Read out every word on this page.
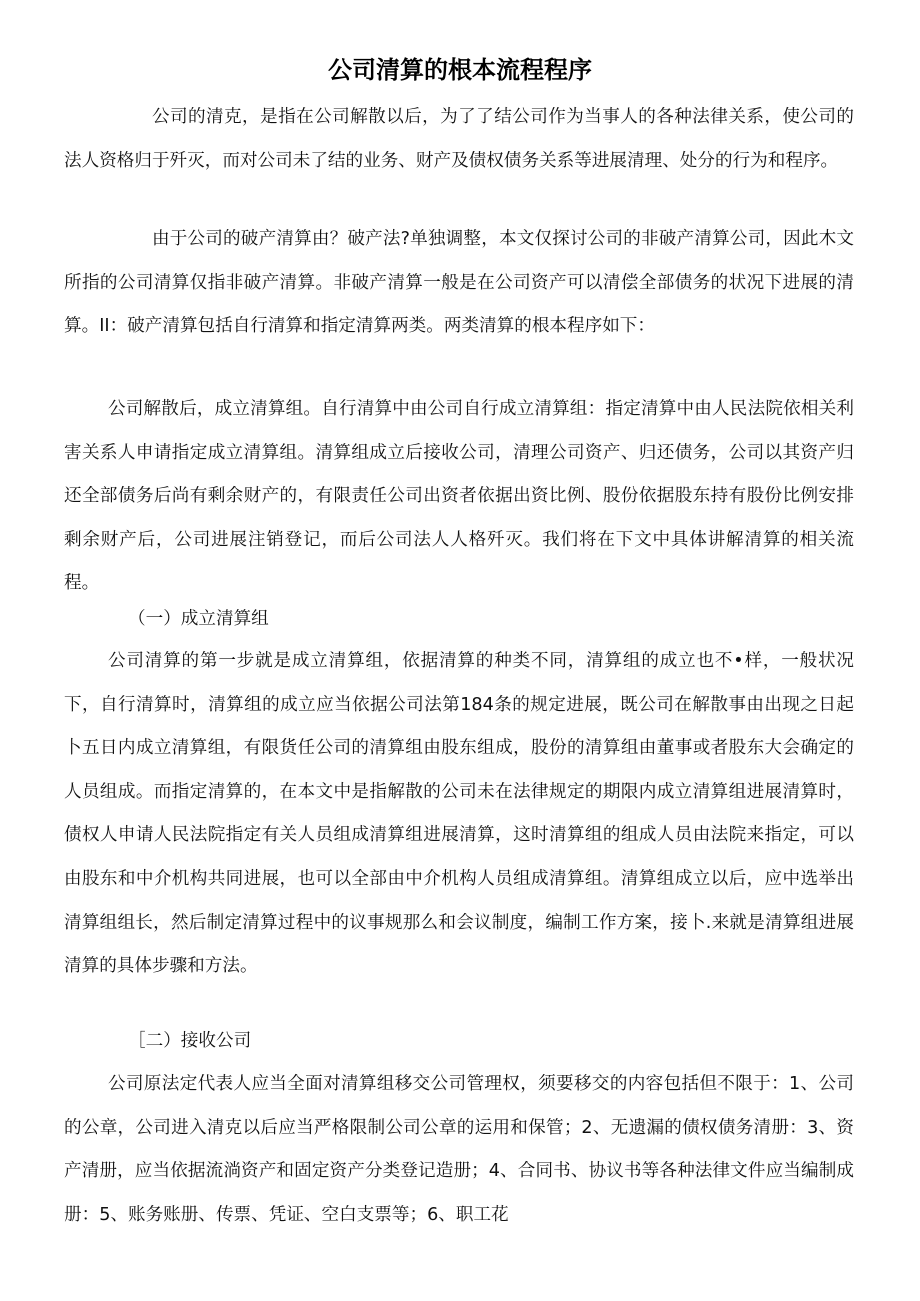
公司清算的根本流程程序

公司的清克，是指在公司解散以后，为了了结公司作为当事人的各种法律关系，使公司的法人资格归于歼灭，而对公司未了结的业务、财产及债权债务关系等进展清理、处分的行为和程序。

由于公司的破产清算由？破产法?单独调整，本文仅探讨公司的非破产清算公司，因此木文所指的公司清算仅指非破产清算。非破产清算一般是在公司资产可以清偿全部债务的状况下进展的清算。II：破产清算包括自行清算和指定清算两类。两类清算的根本程序如下：

公司解散后，成立清算组。自行清算中由公司自行成立清算组：指定清算中由人民法院依相关利害关系人申请指定成立清算组。清算组成立后接收公司，清理公司资产、归还债务，公司以其资产归还全部债务后尚有剩余财产的，有限责任公司出资者依据出资比例、股份依据股东持有股份比例安排剩余财产后，公司进展注销登记，而后公司法人人格歼灭。我们将在下文中具体讲解清算的相关流程。

（一）成立清算组

公司清算的第一步就是成立清算组，依据清算的种类不同，清算组的成立也不•样，一般状况下，自行清算时，清算组的成立应当依据公司法第184条的规定进展，既公司在解散事由出现之日起卜五日内成立清算组，有限货任公司的清算组由股东组成，股份的清算组由董事或者股东大会确定的人员组成。而指定清算的，在本文中是指解散的公司未在法律规定的期限内成立清算组进展清算时，债权人申请人民法院指定有关人员组成清算组进展清算，这时清算组的组成人员由法院来指定，可以由股东和中介机构共同进展，也可以全部由中介机构人员组成清算组。清算组成立以后，应中选举出清算组组长，然后制定清算过程中的议事规那么和会议制度，编制工作方案，接卜.来就是清算组进展清算的具体步骤和方法。

［二）接收公司

公司原法定代表人应当全面对清算组移交公司管理权，须要移交的内容包括但不限于：1、公司的公章，公司进入清克以后应当严格限制公司公章的运用和保管；2、无遗漏的债权债务清册：3、资产清册，应当依据流淌资产和固定资产分类登记造册；4、合同书、协议书等各种法律文件应当编制成册：5、账务账册、传票、凭证、空白支票等；6、职工花
